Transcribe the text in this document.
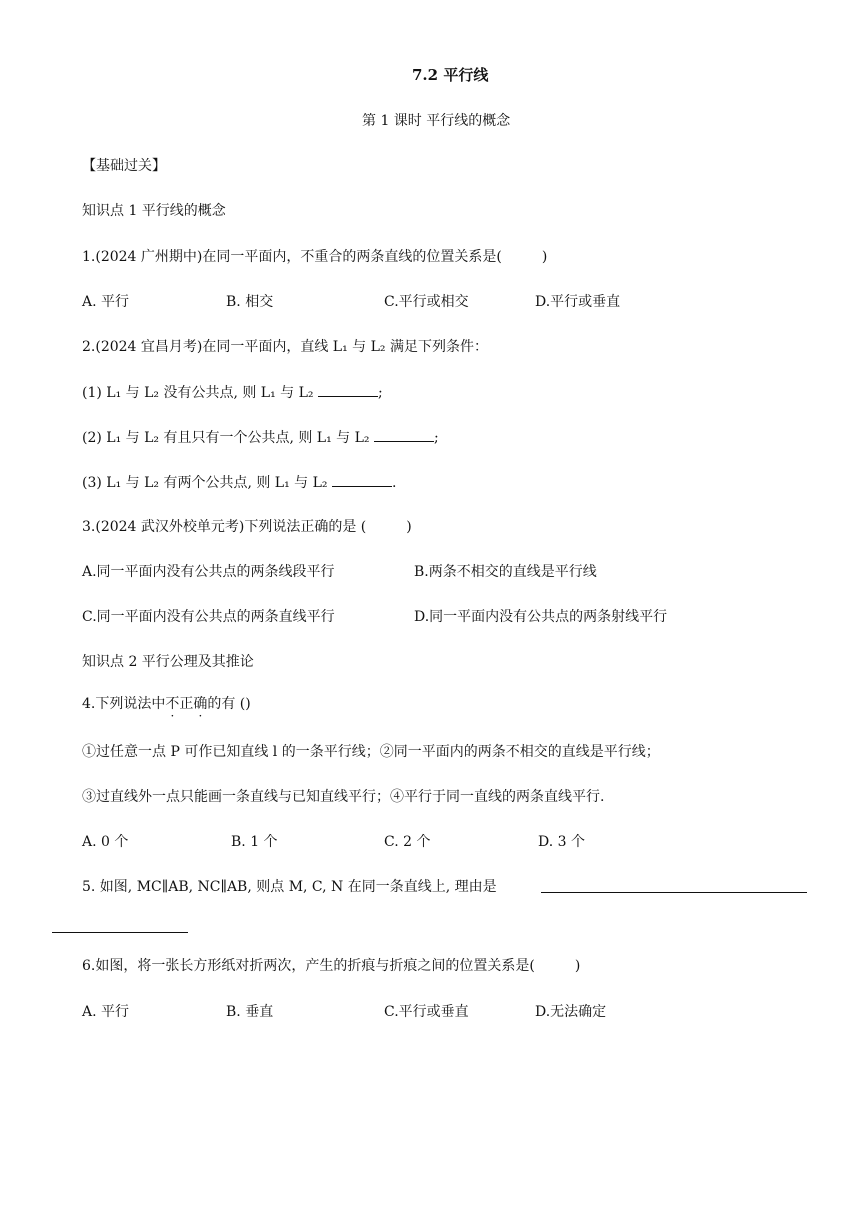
7.2 平行线
第 1 课时 平行线的概念
【基础过关】
知识点 1 平行线的概念
1.(2024 广州期中)在同一平面内，不重合的两条直线的位置关系是(	)
A. 平行	B. 相交	C.平行或相交	D.平行或垂直
2.(2024 宜昌月考)在同一平面内，直线 L₁ 与 L₂ 满足下列条件：
(1) L₁ 与 L₂ 没有公共点, 则 L₁ 与 L₂	;
(2) L₁ 与 L₂ 有且只有一个公共点, 则 L₁ 与 L₂	;
(3) L₁ 与 L₂ 有两个公共点, 则 L₁ 与 L₂	.
3.(2024 武汉外校单元考)下列说法正确的是 (	)
A.同一平面内没有公共点的两条线段平行	B.两条不相交的直线是平行线
C.同一平面内没有公共点的两条直线平行	D.同一平面内没有公共点的两条射线平行
知识点 2 平行公理及其推论
4.下列说法中不正确的有 ()
①过任意一点 P 可作已知直线 l 的一条平行线；②同一平面内的两条不相交的直线是平行线；
③过直线外一点只能画一条直线与已知直线平行；④平行于同一直线的两条直线平行.
A. 0 个	B. 1 个	C. 2 个	D. 3 个
5. 如图, MC∥AB, NC∥AB, 则点 M, C, N 在同一条直线上, 理由是
6.如图，将一张长方形纸对折两次，产生的折痕与折痕之间的位置关系是(	)
A. 平行	B. 垂直	C.平行或垂直	D.无法确定
